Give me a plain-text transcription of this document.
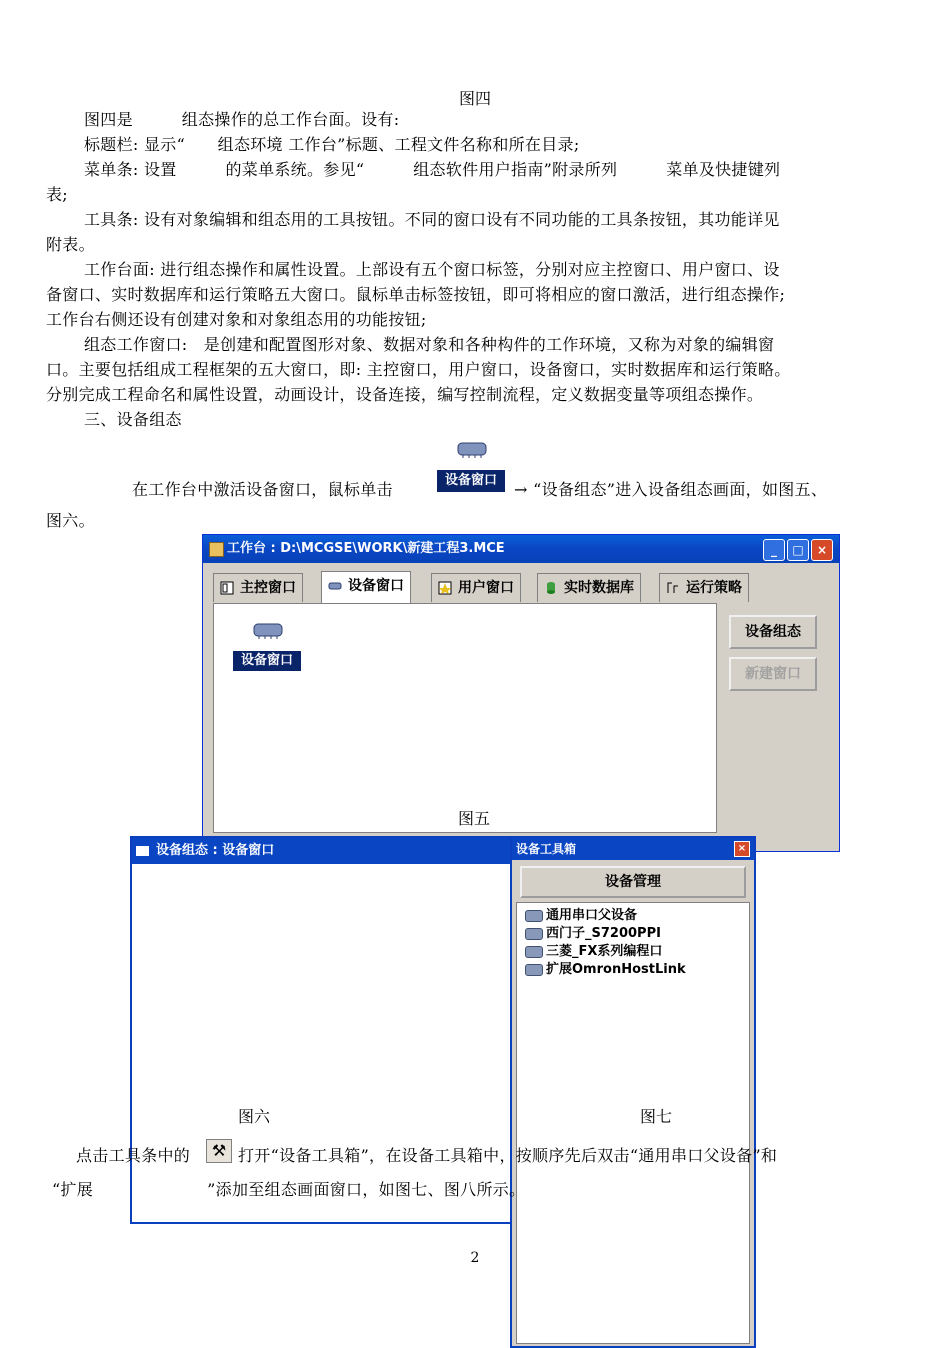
图四
图四是　　　组态操作的总工作台面。设有:
标题栏: 显示“　　组态环境 工作台”标题、工程文件名称和所在目录;
菜单条: 设置　　　的菜单系统。参见“　　　组态软件用户指南”附录所列　　　菜单及快捷键列
表;
工具条: 设有对象编辑和组态用的工具按钮。不同的窗口设有不同功能的工具条按钮，其功能详见
附表。
工作台面: 进行组态操作和属性设置。上部设有五个窗口标签，分别对应主控窗口、用户窗口、设
备窗口、实时数据库和运行策略五大窗口。鼠标单击标签按钮，即可将相应的窗口激活，进行组态操作;
工作台右侧还设有创建对象和对象组态用的功能按钮;
组态工作窗口:　是创建和配置图形对象、数据对象和各种构件的工作环境，又称为对象的编辑窗
口。主要包括组成工程框架的五大窗口，即: 主控窗口，用户窗口，设备窗口，实时数据库和运行策略。
分别完成工程命名和属性设置，动画设计，设备连接，编写控制流程，定义数据变量等项组态操作。
三、设备组态
在工作台中激活设备窗口，鼠标单击	设备窗口	→ “设备组态”进入设备组态画面，如图五、
图六。
工作台 : D:\MCGSE\WORK\新建工程3.MCE	_	□	×
主控窗口	设备窗口	用户窗口	实时数据库	运行策略
设备窗口
设备组态
新建窗口
图五
设备组态 : 设备窗口
图六
设备工具箱	×
设备管理
通用串口父设备
西门子_S7200PPI
三菱_FX系列编程口
扩展OmronHostLink
图七
点击工具条中的	⚒ 打开“设备工具箱”，在设备工具箱中，按顺序先后双击“通用串口父设备”和
“扩展　　　　　　　”添加至组态画面窗口，如图七、图八所示。
2
